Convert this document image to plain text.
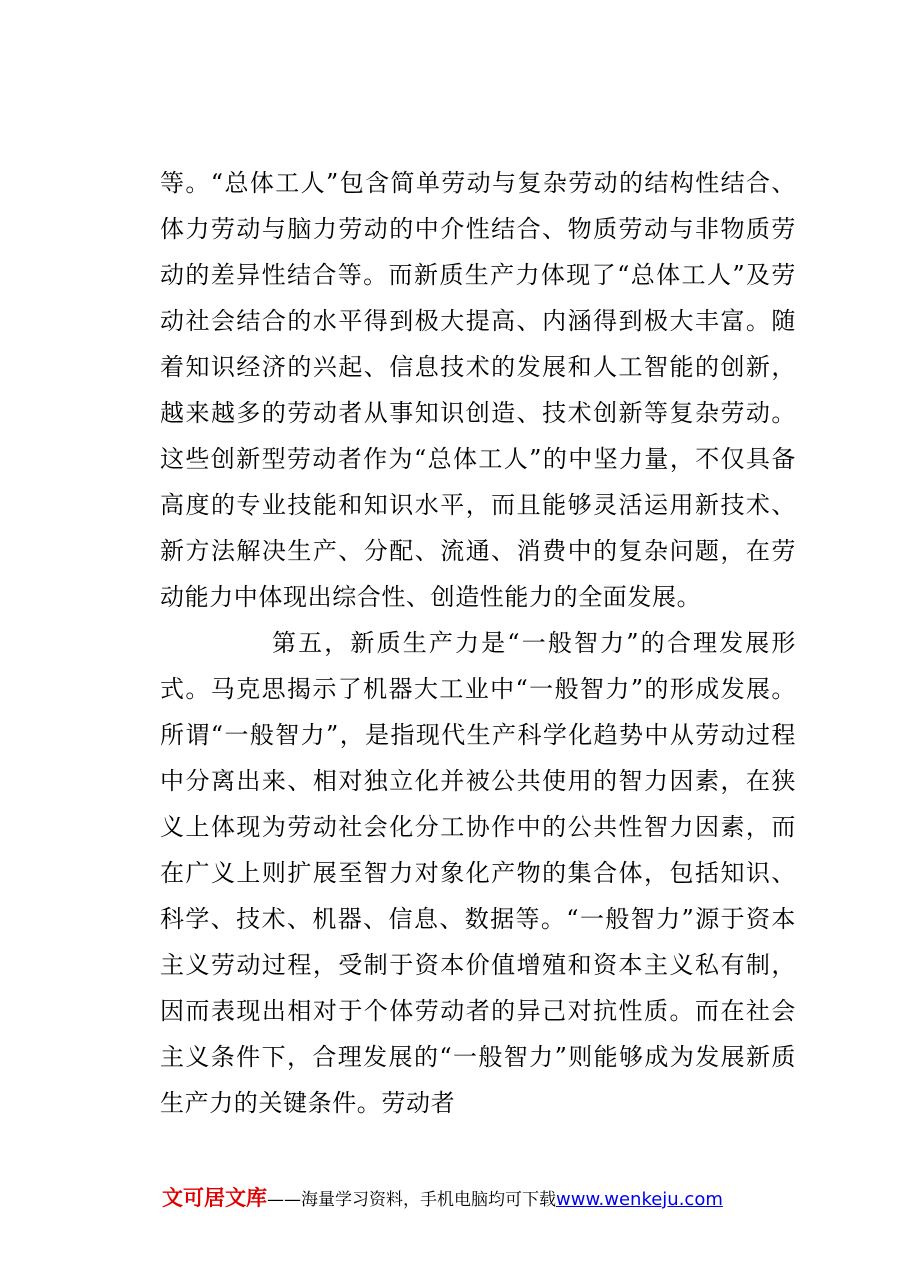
等。“总体工人”包含简单劳动与复杂劳动的结构性结合、体力劳动与脑力劳动的中介性结合、物质劳动与非物质劳动的差异性结合等。而新质生产力体现了“总体工人”及劳动社会结合的水平得到极大提高、内涵得到极大丰富。随着知识经济的兴起、信息技术的发展和人工智能的创新，越来越多的劳动者从事知识创造、技术创新等复杂劳动。这些创新型劳动者作为“总体工人”的中坚力量，不仅具备高度的专业技能和知识水平，而且能够灵活运用新技术、新方法解决生产、分配、流通、消费中的复杂问题，在劳动能力中体现出综合性、创造性能力的全面发展。

第五，新质生产力是“一般智力”的合理发展形式。马克思揭示了机器大工业中“一般智力”的形成发展。所谓“一般智力”，是指现代生产科学化趋势中从劳动过程中分离出来、相对独立化并被公共使用的智力因素，在狭义上体现为劳动社会化分工协作中的公共性智力因素，而在广义上则扩展至智力对象化产物的集合体，包括知识、科学、技术、机器、信息、数据等。“一般智力”源于资本主义劳动过程，受制于资本价值增殖和资本主义私有制，因而表现出相对于个体劳动者的异己对抗性质。而在社会主义条件下，合理发展的“一般智力”则能够成为发展新质生产力的关键条件。劳动者

文可居文库——海量学习资料，手机电脑均可下载www.wenkeju.com
